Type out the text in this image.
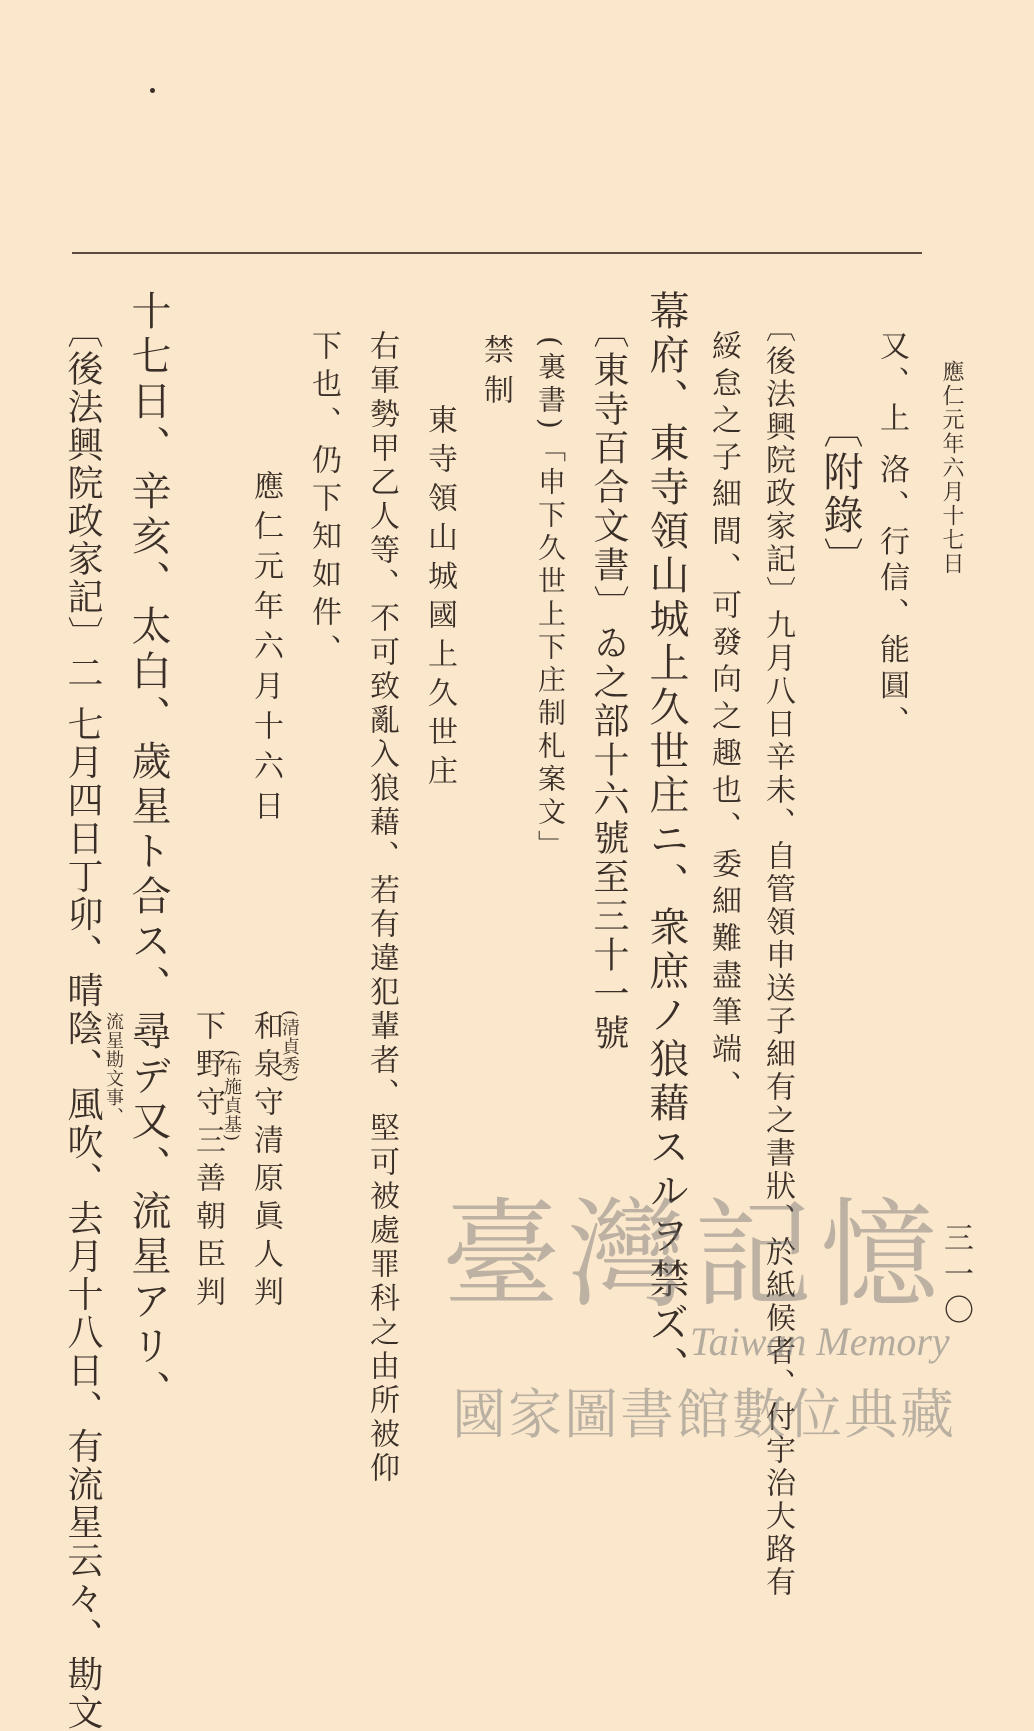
應仁元年六月十七日
三一〇
又、上 洛、行信、能圓、
〔附錄〕
〔後法興院政家記〕九月八日辛未、自管領申送子細有之書狀、於紙候者、付宇治大路有
綏怠之子細間、可發向之趣也、委細難盡筆端、
幕府、東寺領山城上久世庄ニ、衆庶ノ狼藉スルヲ禁ズ、
〔東寺百合文書〕ゐ之部十六號至三十一號
(裏書)「申下久世上下庄制札案文」
禁制
東寺領山城國上久世庄
右軍勢甲乙人等、不可致亂入狼藉、若有違犯輩者、堅可被處罪科之由所被仰
下也、仍下知如件、
應仁元年六月十六日
(清貞秀)
和泉守清原眞人判
(布施貞基)
下野守三善朝臣判
十七日、辛亥、太白、歲星ト合ス、尋デ又、流星アリ、
〔後法興院政家記〕二 七月四日丁卯、晴陰、風吹、去月十八日、有流星云々、勘文 流星勘文事、
臺灣記憶
Taiwan Memory
國家圖書館數位典藏
